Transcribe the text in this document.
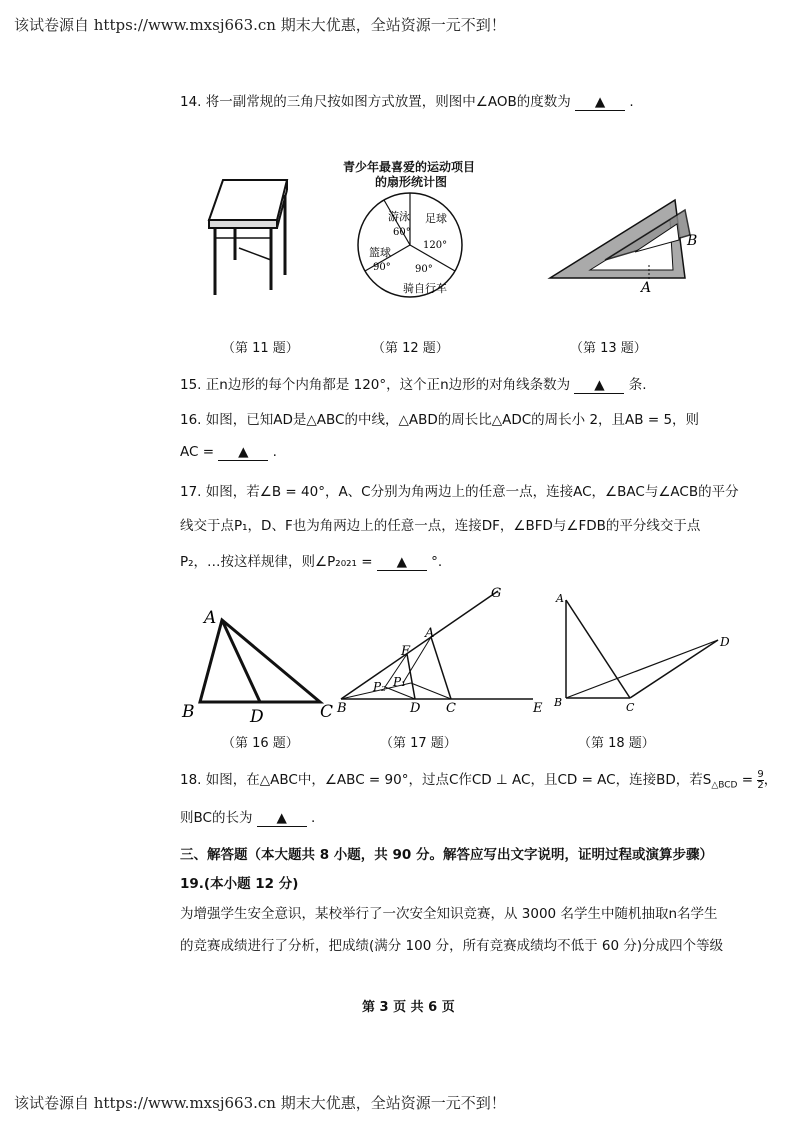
该试卷源自 https://www.mxsj663.cn 期末大优惠，全站资源一元不到！
14. 将一副常规的三角尺按如图方式放置，则图中∠AOB的度数为 ▲ .
青少年最喜爱的运动项目
的扇形统计图
游泳
60°
足球
120°
篮球
90° 90°
骑自行车
B
A
（第 11 题）	（第 12 题）	（第 13 题）
15. 正n边形的每个内角都是 120°，这个正n边形的对角线条数为 ▲ 条.
16. 如图，已知AD是△ABC的中线，△ABD的周长比△ADC的周长小 2，且AB = 5，则
AC = ▲ .
17. 如图，若∠B = 40°，A、C分别为角两边上的任意一点，连接AC，∠BAC与∠ACB的平分
线交于点P₁，D、F也为角两边上的任意一点，连接DF，∠BFD与∠FDB的平分线交于点
P₂，…按这样规律，则∠P₂₀₂₁ = ▲ °.
A
B	C
D
G
A
F
P₂ P₁
B	D C	E
A
B	C
D
（第 16 题）	（第 17 题）	（第 18 题）
18. 如图，在△ABC中，∠ABC = 90°，过点C作CD ⊥ AC，且CD = AC，连接BD，若$S_{\triangle BCD} = \frac{9}{2}$ ，
则BC的长为 ▲ .
三、解答题（本大题共 8 小题，共 90 分。解答应写出文字说明，证明过程或演算步骤）
19.(本小题 12 分)
为增强学生安全意识，某校举行了一次安全知识竞赛，从 3000 名学生中随机抽取n名学生
的竞赛成绩进行了分析，把成绩(满分 100 分，所有竞赛成绩均不低于 60 分)分成四个等级
第 3 页 共 6 页
该试卷源自 https://www.mxsj663.cn 期末大优惠，全站资源一元不到！
